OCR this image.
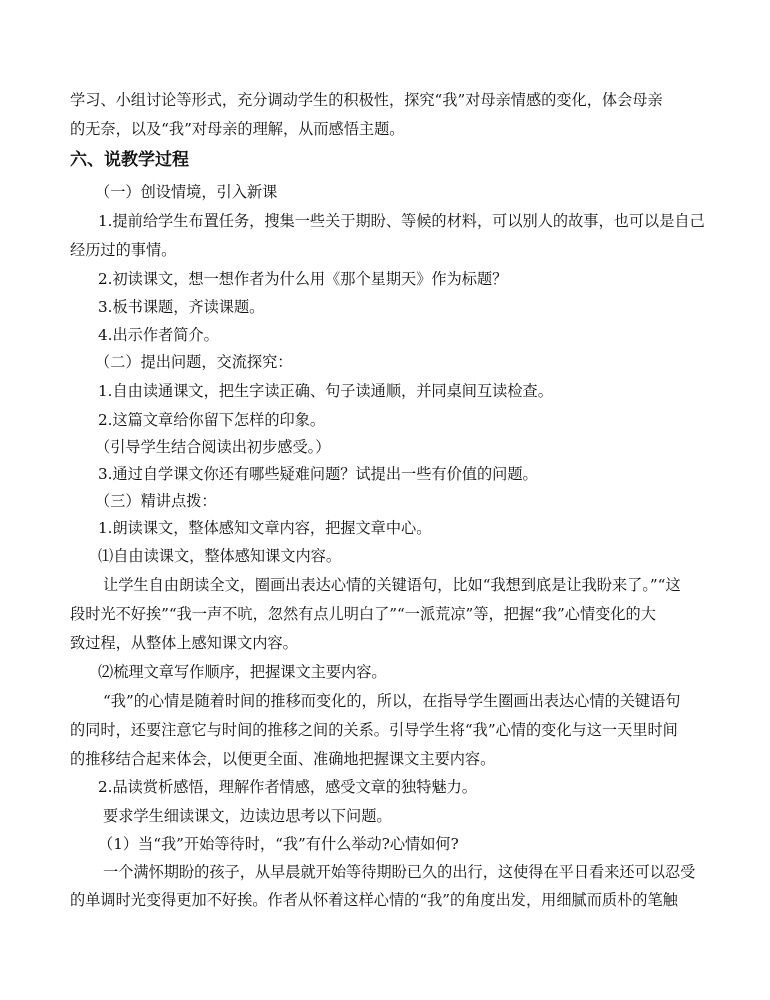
学习、小组讨论等形式，充分调动学生的积极性，探究“我”对母亲情感的变化，体会母亲
的无奈，以及“我”对母亲的理解，从而感悟主题。
六、说教学过程
（一）创设情境，引入新课
1.提前给学生布置任务，搜集一些关于期盼、等候的材料，可以别人的故事，也可以是自己
经历过的事情。
2.初读课文，想一想作者为什么用《那个星期天》作为标题？
3.板书课题，齐读课题。
4.出示作者简介。
（二）提出问题，交流探究：
1.自由读通课文，把生字读正确、句子读通顺，并同桌间互读检查。
2.这篇文章给你留下怎样的印象。
（引导学生结合阅读出初步感受。）
3.通过自学课文你还有哪些疑难问题？试提出一些有价值的问题。
（三）精讲点拨：
1.朗读课文，整体感知文章内容，把握文章中心。
⑴自由读课文，整体感知课文内容。
让学生自由朗读全文，圈画出表达心情的关键语句，比如“我想到底是让我盼来了。”“这
段时光不好挨”“我一声不吭，忽然有点儿明白了”“一派荒凉”等，把握“我”心情变化的大
致过程，从整体上感知课文内容。
⑵梳理文章写作顺序，把握课文主要内容。
“我”的心情是随着时间的推移而变化的，所以，在指导学生圈画出表达心情的关键语句
的同时，还要注意它与时间的推移之间的关系。引导学生将“我”心情的变化与这一天里时间
的推移结合起来体会，以便更全面、准确地把握课文主要内容。
2.品读赏析感悟，理解作者情感，感受文章的独特魅力。
要求学生细读课文，边读边思考以下问题。
（1）当“我”开始等待时，“我”有什么举动?心情如何?
一个满怀期盼的孩子，从早晨就开始等待期盼已久的出行，这使得在平日看来还可以忍受
的单调时光变得更加不好挨。作者从怀着这样心情的“我”的角度出发，用细腻而质朴的笔触
